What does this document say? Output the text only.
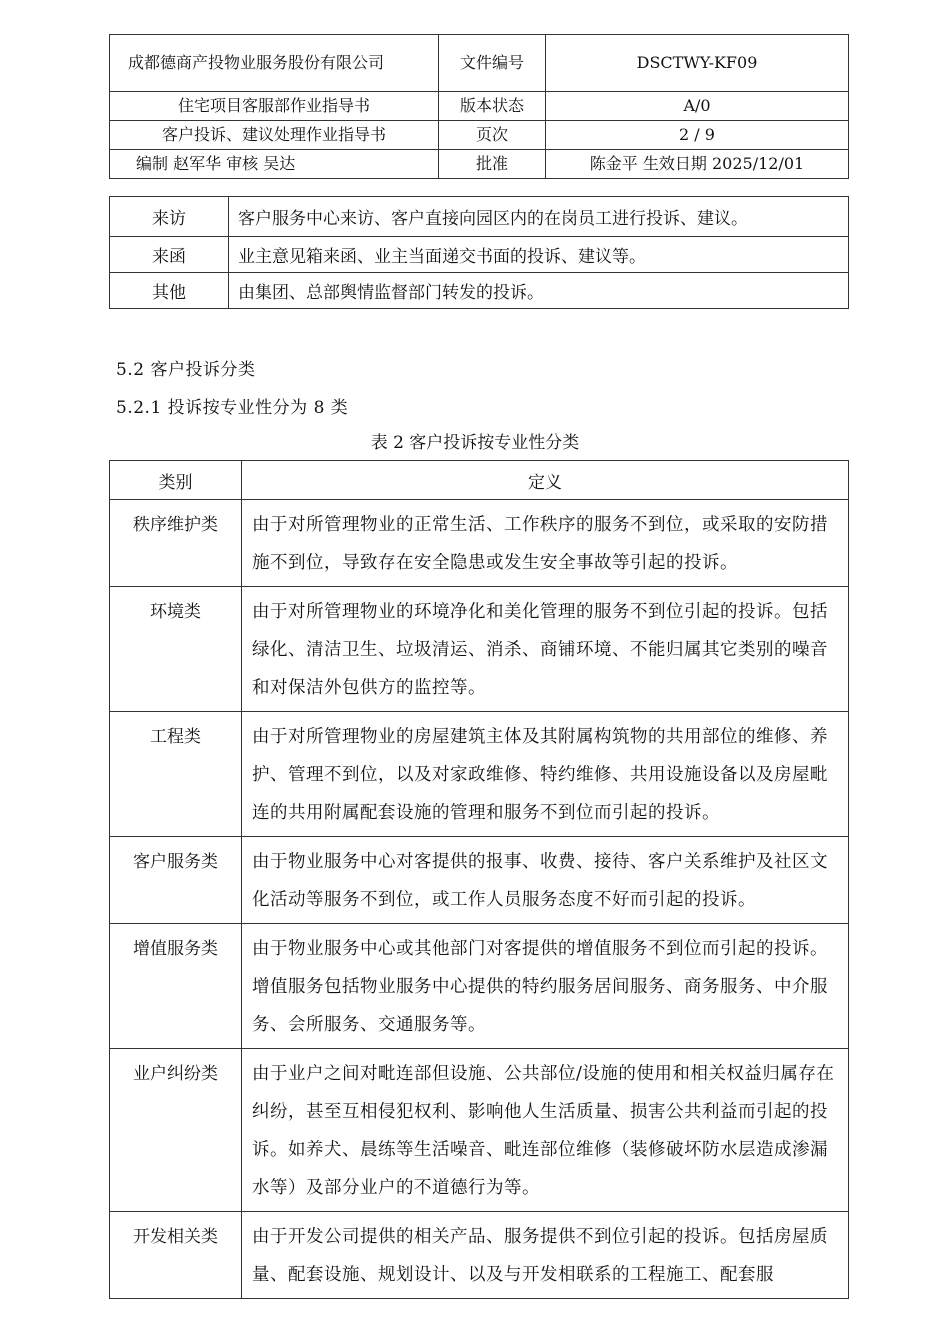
成都德商产投物业服务股份有限公司	文件编号	DSCTWY-KF09
住宅项目客服部作业指导书	版本状态	A/0
客户投诉、建议处理作业指导书	页次	2 / 9
编制 赵军华 审核 吴达	批准	陈金平 生效日期 2025/12/01
来访	客户服务中心来访、客户直接向园区内的在岗员工进行投诉、建议。
来函	业主意见箱来函、业主当面递交书面的投诉、建议等。
其他	由集团、总部舆情监督部门转发的投诉。
5.2 客户投诉分类
5.2.1 投诉按专业性分为 8 类
表 2 客户投诉按专业性分类
类别	定义
秩序维护类	由于对所管理物业的正常生活、工作秩序的服务不到位，或采取的安防措施不到位，导致存在安全隐患或发生安全事故等引起的投诉。
环境类	由于对所管理物业的环境净化和美化管理的服务不到位引起的投诉。包括绿化、清洁卫生、垃圾清运、消杀、商铺环境、不能归属其它类别的噪音和对保洁外包供方的监控等。
工程类	由于对所管理物业的房屋建筑主体及其附属构筑物的共用部位的维修、养护、管理不到位，以及对家政维修、特约维修、共用设施设备以及房屋毗连的共用附属配套设施的管理和服务不到位而引起的投诉。
客户服务类	由于物业服务中心对客提供的报事、收费、接待、客户关系维护及社区文化活动等服务不到位，或工作人员服务态度不好而引起的投诉。
增值服务类	由于物业服务中心或其他部门对客提供的增值服务不到位而引起的投诉。增值服务包括物业服务中心提供的特约服务居间服务、商务服务、中介服务、会所服务、交通服务等。
业户纠纷类	由于业户之间对毗连部但设施、公共部位/设施的使用和相关权益归属存在纠纷，甚至互相侵犯权利、影响他人生活质量、损害公共利益而引起的投诉。如养犬、晨练等生活噪音、毗连部位维修（装修破坏防水层造成渗漏水等）及部分业户的不道德行为等。
开发相关类	由于开发公司提供的相关产品、服务提供不到位引起的投诉。包括房屋质量、配套设施、规划设计、以及与开发相联系的工程施工、配套服
